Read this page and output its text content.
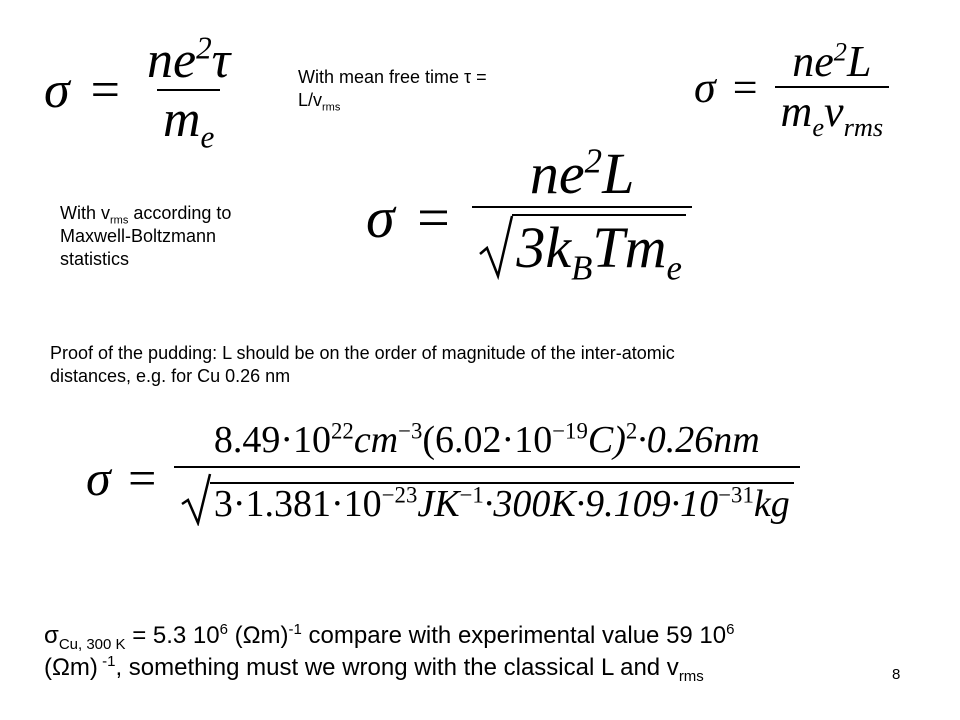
$\sigma = \frac{ne^2\tau}{m_e}$	With mean free time τ =
$L/v_{rms}$	$\sigma = \frac{ne^2L}{m_ev_{rms}}$
With $v_{rms}$ according to
Maxwell-Boltzmann
statistics
$\sigma = \frac{ne^2L}{3k_BTm_e}$
Proof of the pudding: L should be on the order of magnitude of the inter-atomic
distances, e.g. for Cu 0.26 nm
$\sigma = \frac{8.49\cdot 10^{22}cm^{-3}(6.02\cdot 10^{-19}C)^2\cdot 0.26nm}{3\cdot 1.381\cdot 10^{-23}JK^{-1}\cdot 300K\cdot 9.109\cdot 10^{-31}kg}$
$\sigma_{Cu, 300 K} = 5.3$ $10^6$ $(\Omega m)^{-1}$ compare with experimental value 59 $10^6$
(Ωm) $^{-1}$, something must we wrong with the classical L and $v_{rms}$	8
